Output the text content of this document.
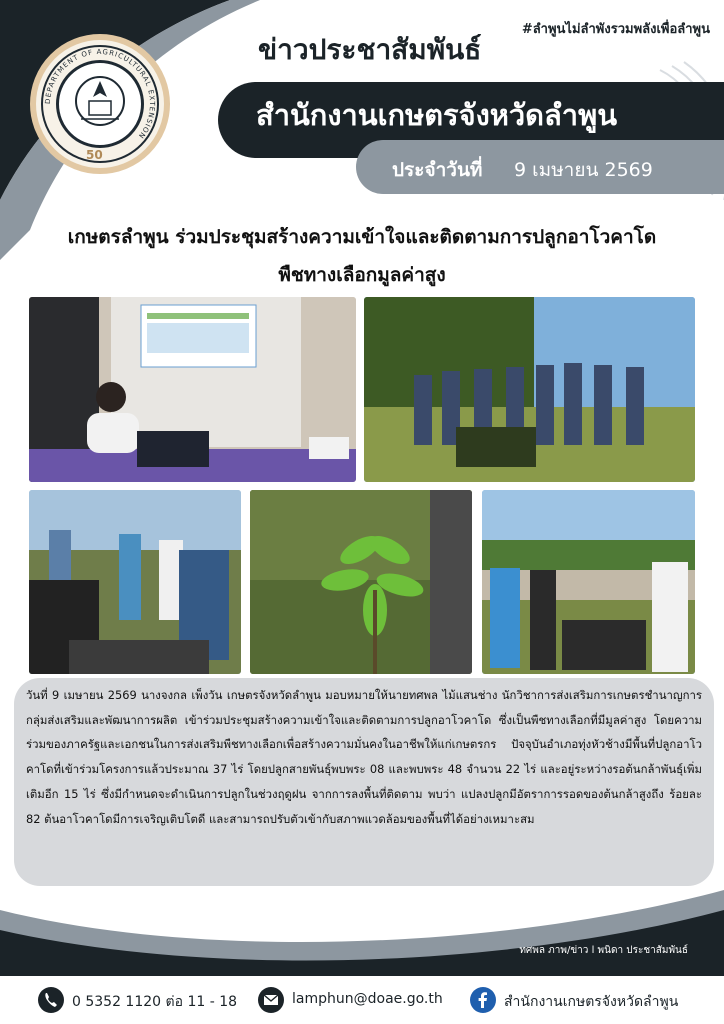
DEPARTMENT OF AGRICULTURAL EXTENSION
50
#ลำพูนไม่ลำพังรวมพลังเพื่อลำพูน
ข่าวประชาสัมพันธ์
สำนักงานเกษตรจังหวัดลำพูน
ประจำวันที่ 9 เมษายน 2569
เกษตรลำพูน ร่วมประชุมสร้างความเข้าใจและติดตามการปลูกอาโวคาโด
พืชทางเลือกมูลค่าสูง
วันที่ 9 เมษายน 2569 นางจงกล เพ็งวัน เกษตรจังหวัดลำพูน มอบหมายให้นายทศพล ไม้แสนช่าง นักวิชาการส่งเสริมการเกษตรชำนาญการ กลุ่มส่งเสริมและพัฒนาการผลิต เข้าร่วมประชุมสร้างความเข้าใจและติดตามการปลูกอาโวคาโด ซึ่งเป็นพืชทางเลือกที่มีมูลค่าสูง โดยความร่วมของภาครัฐและเอกชนในการส่งเสริมพืชทางเลือกเพื่อสร้างความมั่นคงในอาชีพให้แก่เกษตรกร ปัจจุบันอำเภอทุ่งหัวช้างมีพื้นที่ปลูกอาโวคาโดที่เข้าร่วมโครงการแล้วประมาณ 37 ไร่ โดยปลูกสายพันธุ์พบพระ 08 และพบพระ 48 จำนวน 22 ไร่ และอยู่ระหว่างรอต้นกล้าพันธุ์เพิ่มเติมอีก 15 ไร่ ซึ่งมีกำหนดจะดำเนินการปลูกในช่วงฤดูฝน จากการลงพื้นที่ติดตาม พบว่า แปลงปลูกมีอัตราการรอดของต้นกล้าสูงถึง ร้อยละ 82 ต้นอาโวคาโดมีการเจริญเติบโตดี และสามารถปรับตัวเข้ากับสภาพแวดล้อมของพื้นที่ได้อย่างเหมาะสม
ทศพล ภาพ/ข่าว l พนิดา ประชาสัมพันธ์
0 5352 1120 ต่อ 11 - 18	lamphun@doae.go.th	สำนักงานเกษตรจังหวัดลำพูน
